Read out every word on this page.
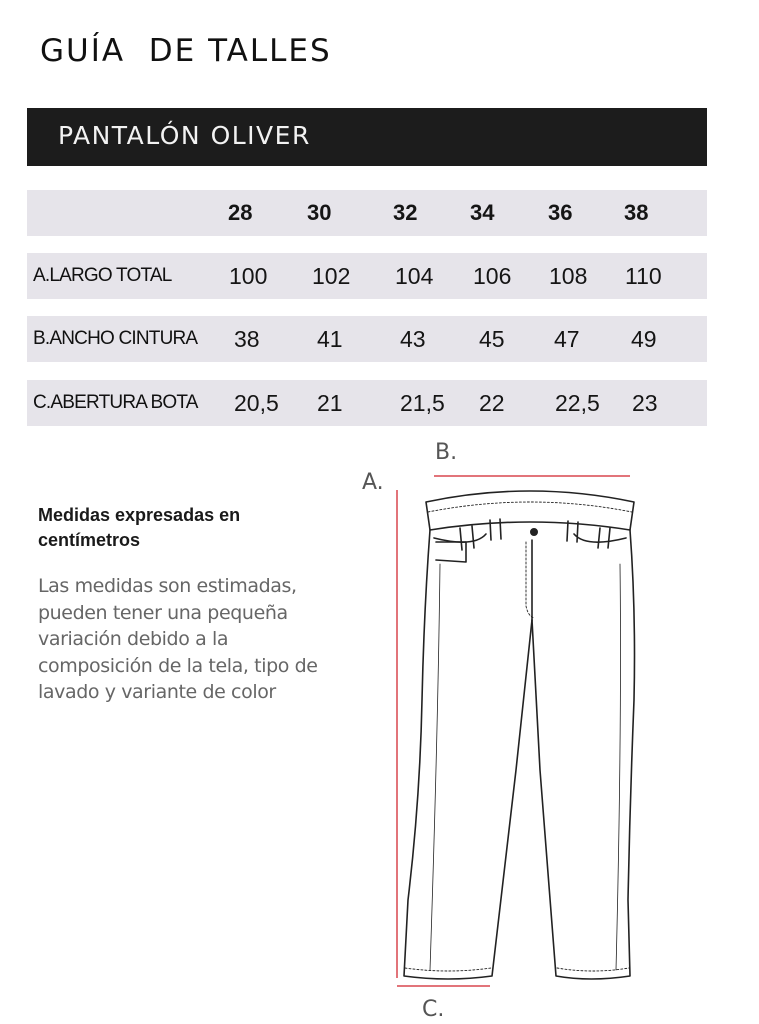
GUÍA  DE TALLES
PANTALÓN OLIVER
28 30	32 34 36 38
A.LARGO TOTAL	100 102 104 106 108 110
B.ANCHO CINTURA 38 41 43 45 47 49
C.ABERTURA BOTA 20,5 21 21,5 22 22,5 23
Medidas expresadas en centímetros
Las medidas son estimadas, pueden tener una pequeña variación debido a la composición de la tela, tipo de lavado y variante de color
B.
A.
C.
